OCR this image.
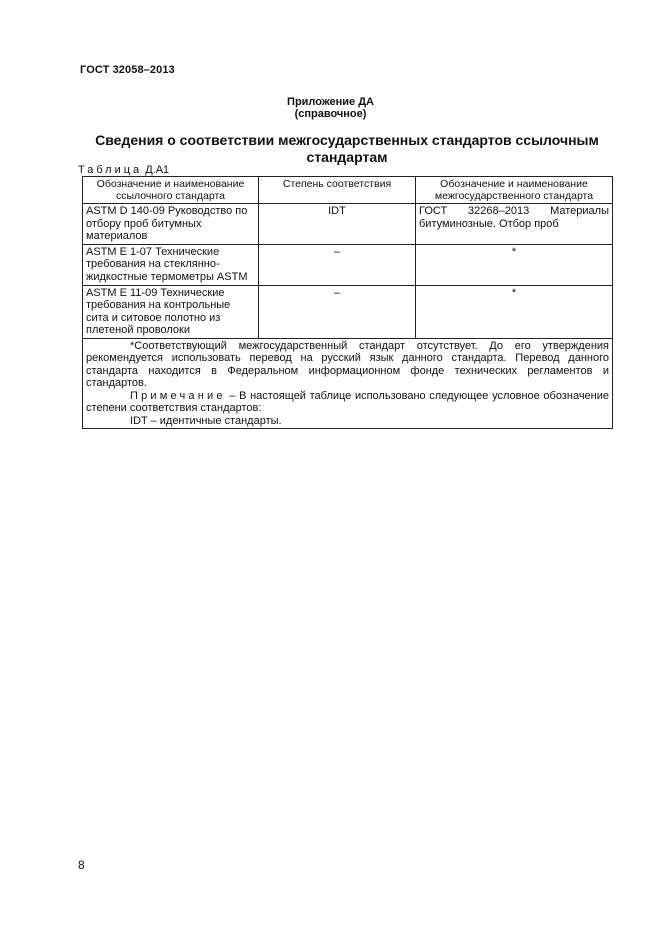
ГОСТ 32058–2013
Приложение ДА
(справочное)
Сведения о соответствии межгосударственных стандартов ссылочным стандартам
Таблица Д.А1
Обозначение и наименование ссылочного стандарта	Степень соответствия	Обозначение и наименование межгосударственного стандарта
ASTM D 140-09 Руководство по отбору проб битумных материалов	IDT	ГОСТ 32268–2013 Материалы битуминозные. Отбор проб
ASTM E 1-07 Технические требования на стеклянно-жидкостные термометры ASTM	–	*
ASTM E 11-09 Технические требования на контрольные сита и ситовое полотно из плетеной проволоки	–	*

*Соответствующий межгосударственный стандарт отсутствует. До его утверждения рекомендуется использовать перевод на русский язык данного стандарта. Перевод данного стандарта находится в Федеральном информационном фонде технических регламентов и стандартов.
Примечание – В настоящей таблице использовано следующее условное обозначение степени соответствия стандартов:
IDT – идентичные стандарты.		
8
